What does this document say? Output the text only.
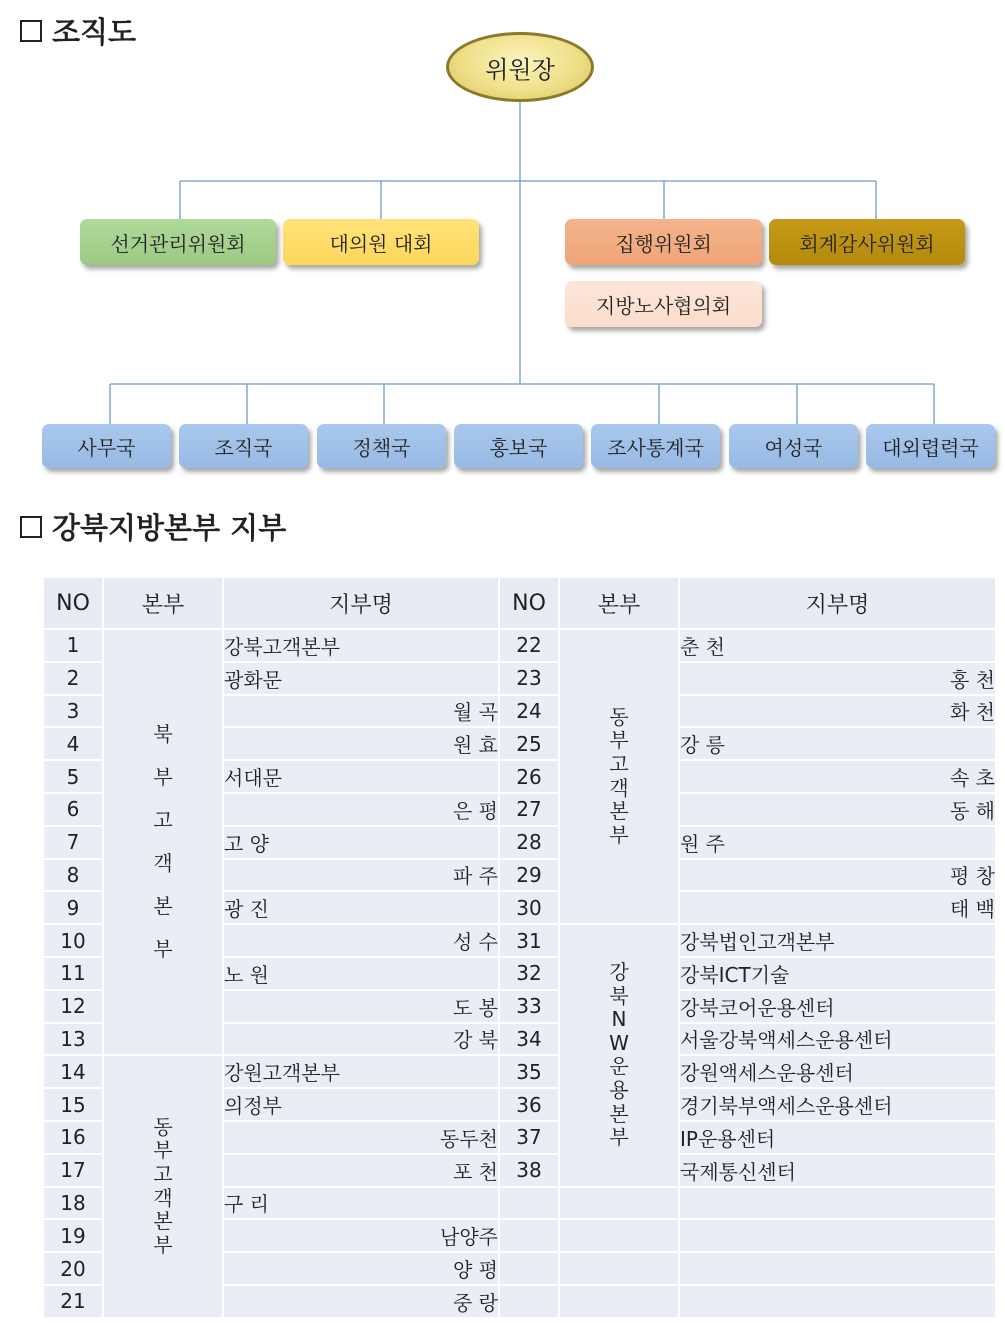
조직도
위원장
선거관리위원회	대의원 대회	집행위원회	회계감사위원회
지방노사협의회
사무국	조직국	정책국	홍보국	조사통계국	여성국	대외렵력국
강북지방본부 지부
NO	본부	지부명	NO	본부	지부명
1	북부고객본부	강북고객본부	22	동부고객본부	춘 천
2		광화문	23		홍 천
3		월 곡	24		화 천
4		원 효	25		강 릉
5		서대문	26		속 초
6		은 평	27		동 해
7		고 양	28		원 주
8		파 주	29		평 창
9		광 진	30		태 백
10		성 수	31	강북NW운용본부	강북법인고객본부
11		노 원	32		강북ICT기술
12		도 봉	33		강북코어운용센터
13		강 북	34		서울강북액세스운용센터
14	동부고객본부	강원고객본부	35		강원액세스운용센터
15		의정부	36		경기북부액세스운용센터
16		동두천	37		IP운용센터
17		포 천	38		국제통신센터
18		구 리			
19		남양주			
20		양 평			
21		중 랑			
